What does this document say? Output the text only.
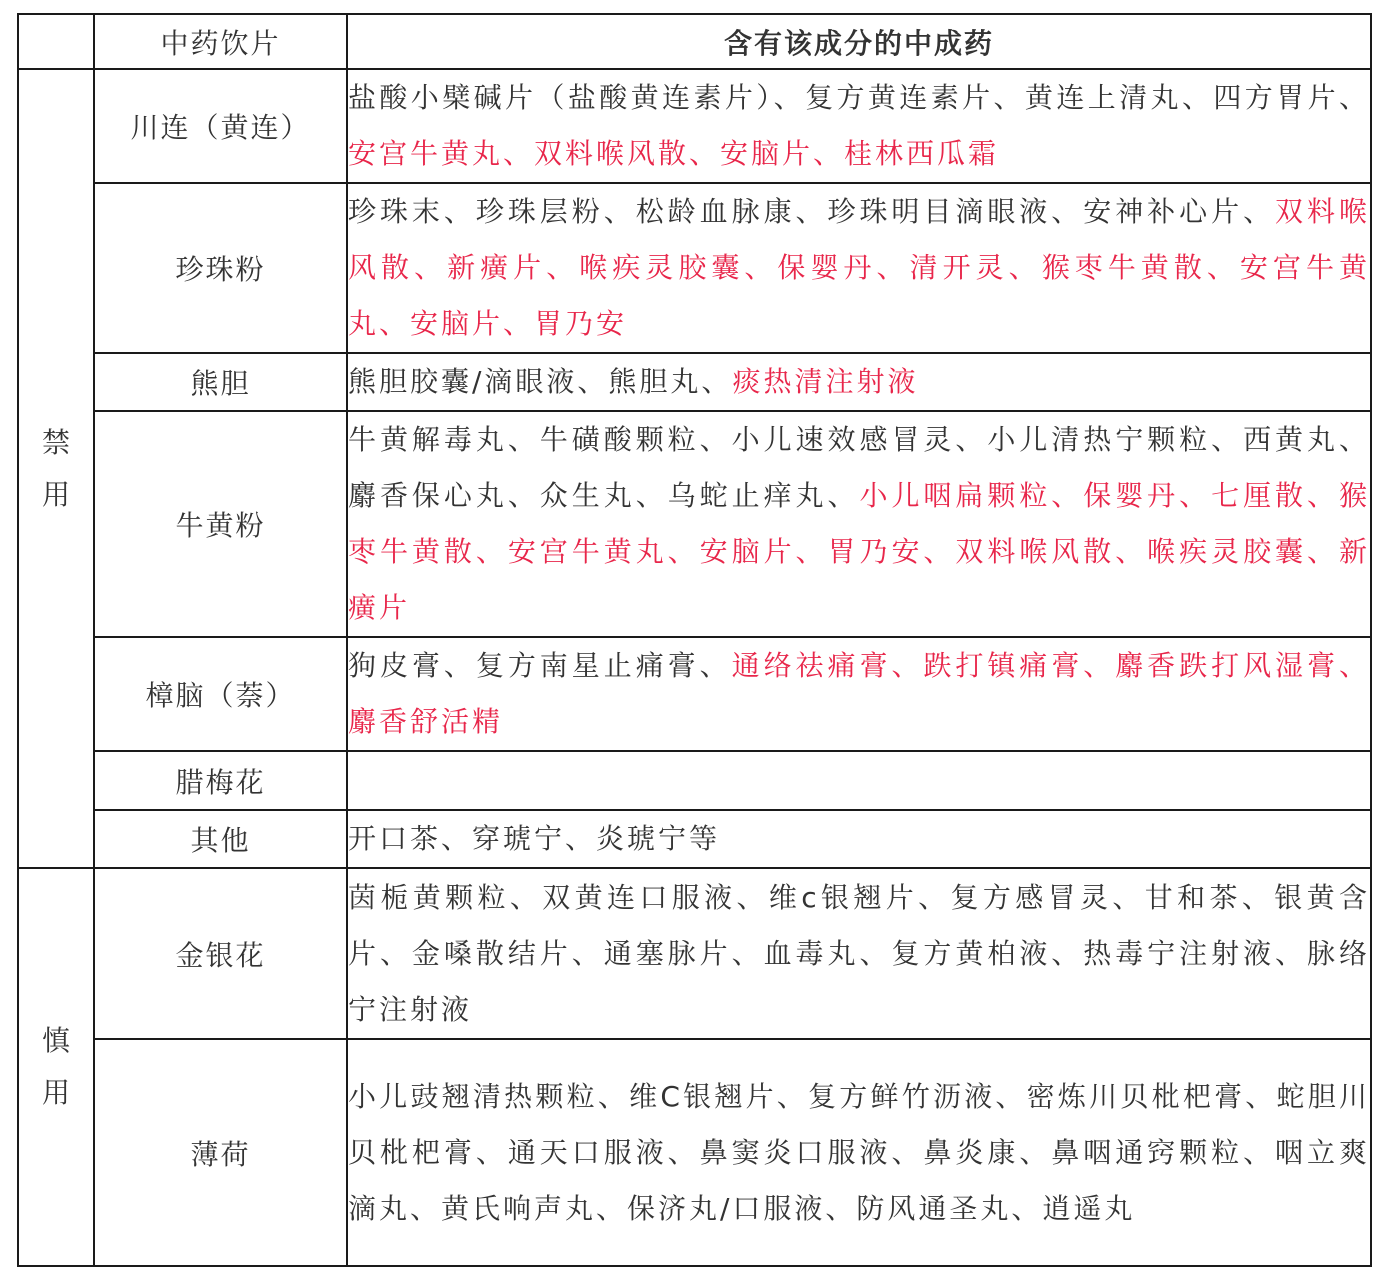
	中药饮片	含有该成分的中成药
禁用	川连（黄连）	盐酸小檗碱片（盐酸黄连素片）、复方黄连素片、黄连上清丸、四方胃片、安宫牛黄丸、双料喉风散、安脑片、桂林西瓜霜
	珍珠粉	珍珠末、珍珠层粉、松龄血脉康、珍珠明目滴眼液、安神补心片、双料喉风散、新癀片、喉疾灵胶囊、保婴丹、清开灵、猴枣牛黄散、安宫牛黄丸、安脑片、胃乃安
	熊胆	熊胆胶囊/滴眼液、熊胆丸、痰热清注射液
	牛黄粉	牛黄解毒丸、牛磺酸颗粒、小儿速效感冒灵、小儿清热宁颗粒、西黄丸、麝香保心丸、众生丸、乌蛇止痒丸、小儿咽扁颗粒、保婴丹、七厘散、猴枣牛黄散、安宫牛黄丸、安脑片、胃乃安、双料喉风散、喉疾灵胶囊、新癀片
	樟脑（萘）	狗皮膏、复方南星止痛膏、通络祛痛膏、跌打镇痛膏、麝香跌打风湿膏、麝香舒活精
	腊梅花	
	其他	开口茶、穿琥宁、炎琥宁等
慎用	金银花	茵栀黄颗粒、双黄连口服液、维c银翘片、复方感冒灵、甘和茶、银黄含片、金嗓散结片、通塞脉片、血毒丸、复方黄柏液、热毒宁注射液、脉络宁注射液
	薄荷	小儿豉翘清热颗粒、维C银翘片、复方鲜竹沥液、密炼川贝枇杷膏、蛇胆川贝枇杷膏、通天口服液、鼻窦炎口服液、鼻炎康、鼻咽通窍颗粒、咽立爽滴丸、黄氏响声丸、保济丸/口服液、防风通圣丸、逍遥丸
